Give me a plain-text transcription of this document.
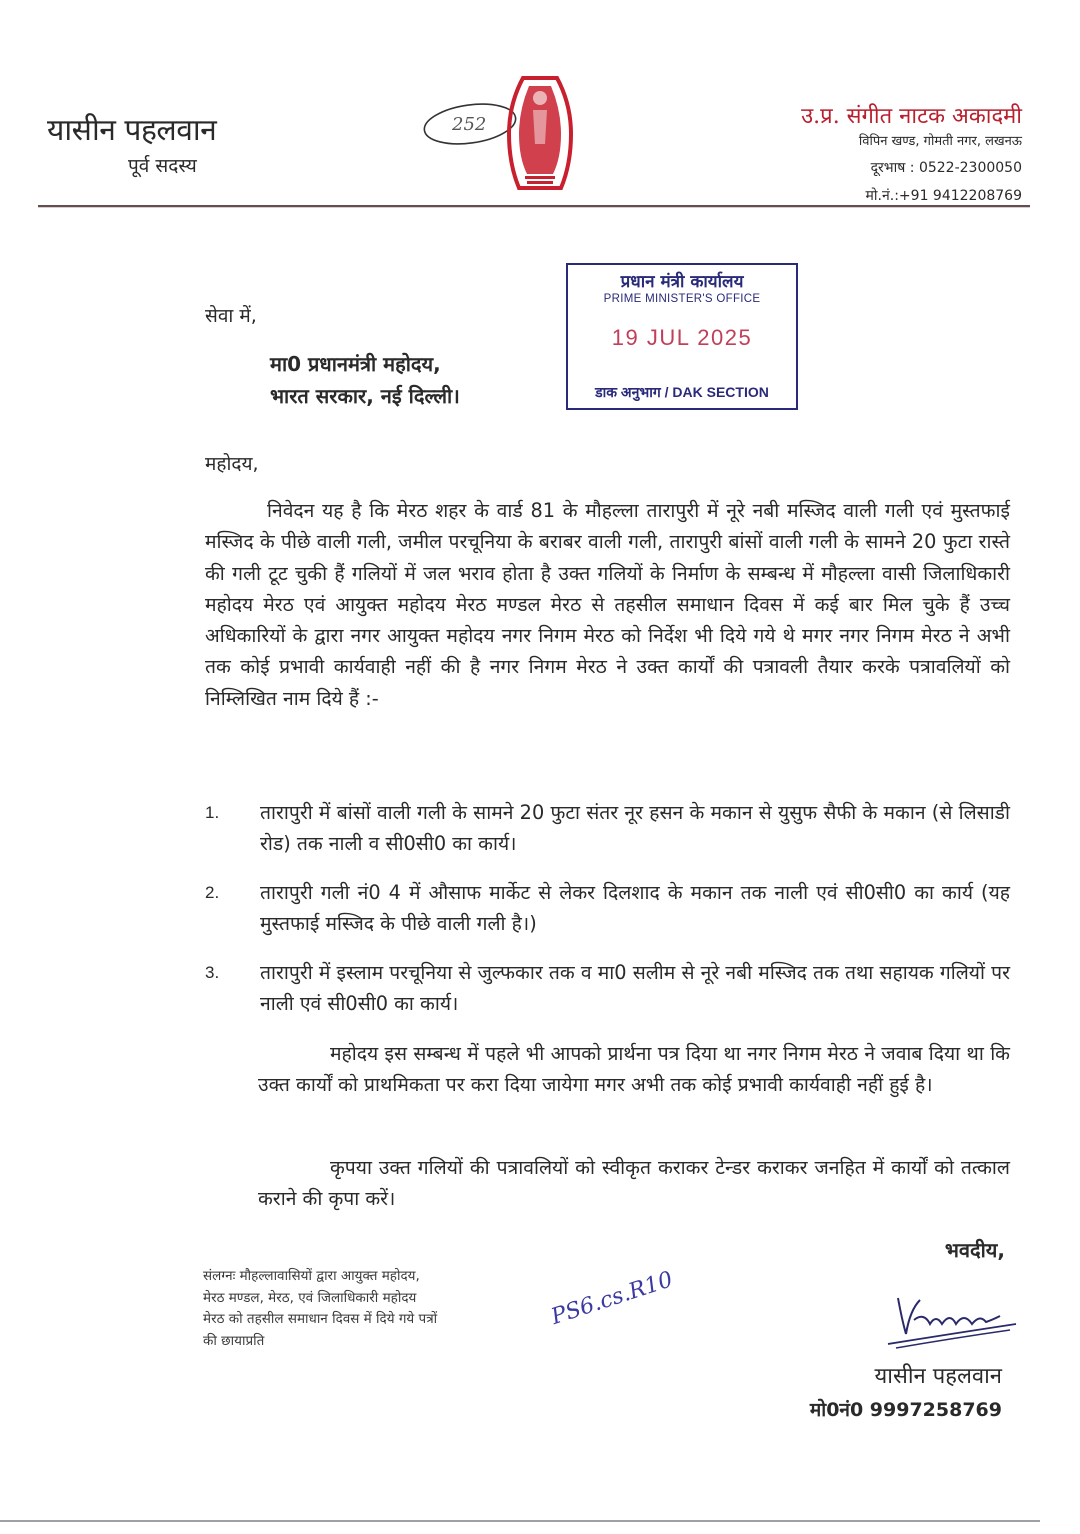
यासीन पहलवान
पूर्व सदस्य
252	उ.प्र. संगीत नाटक अकादमी
विपिन खण्ड, गोमती नगर, लखनऊ
दूरभाष : 0522-2300050
मो.नं.:+91 9412208769
प्रधान मंत्री कार्यालय
PRIME MINISTER'S OFFICE
19 JUL 2025
डाक अनुभाग / DAK SECTION
सेवा में,
मा0 प्रधानमंत्री महोदय,
भारत सरकार, नई दिल्ली।
महोदय,
निवेदन यह है कि मेरठ शहर के वार्ड 81 के मौहल्ला तारापुरी में नूरे नबी मस्जिद वाली गली एवं मुस्तफाई मस्जिद के पीछे वाली गली, जमील परचूनिया के बराबर वाली गली, तारापुरी बांसों वाली गली के सामने 20 फुटा रास्ते की गली टूट चुकी हैं गलियों में जल भराव होता है उक्त गलियों के निर्माण के सम्बन्ध में मौहल्ला वासी जिलाधिकारी महोदय मेरठ एवं आयुक्त महोदय मेरठ मण्डल मेरठ से तहसील समाधान दिवस में कई बार मिल चुके हैं उच्च अधिकारियों के द्वारा नगर आयुक्त महोदय नगर निगम मेरठ को निर्देश भी दिये गये थे मगर नगर निगम मेरठ ने अभी तक कोई प्रभावी कार्यवाही नहीं की है नगर निगम मेरठ ने उक्त कार्यों की पत्रावली तैयार करके पत्रावलियों को निम्लिखित नाम दिये हैं :-
1.	तारापुरी में बांसों वाली गली के सामने 20 फुटा संतर नूर हसन के मकान से युसुफ सैफी के मकान (से लिसाडी रोड) तक नाली व सी0सी0 का कार्य।
2.	तारापुरी गली नं0 4 में औसाफ मार्केट से लेकर दिलशाद के मकान तक नाली एवं सी0सी0 का कार्य (यह मुस्तफाई मस्जिद के पीछे वाली गली है।)
3.	तारापुरी में इस्लाम परचूनिया से जुल्फकार तक व मा0 सलीम से नूरे नबी मस्जिद तक तथा सहायक गलियों पर नाली एवं सी0सी0 का कार्य।
महोदय इस सम्बन्ध में पहले भी आपको प्रार्थना पत्र दिया था नगर निगम मेरठ ने जवाब दिया था कि उक्त कार्यों को प्राथमिकता पर करा दिया जायेगा मगर अभी तक कोई प्रभावी कार्यवाही नहीं हुई है।
कृपया उक्त गलियों की पत्रावलियों को स्वीकृत कराकर टेन्डर कराकर जनहित में कार्यों को तत्काल कराने की कृपा करें।
भवदीय,
संलग्नः मौहल्लावासियों द्वारा आयुक्त महोदय,
मेरठ मण्डल, मेरठ, एवं जिलाधिकारी महोदय
मेरठ को तहसील समाधान दिवस में दिये गये पत्रों
की छायाप्रति
PS6.cs.R10
यासीन पहलवान
मो0नं0 9997258769
